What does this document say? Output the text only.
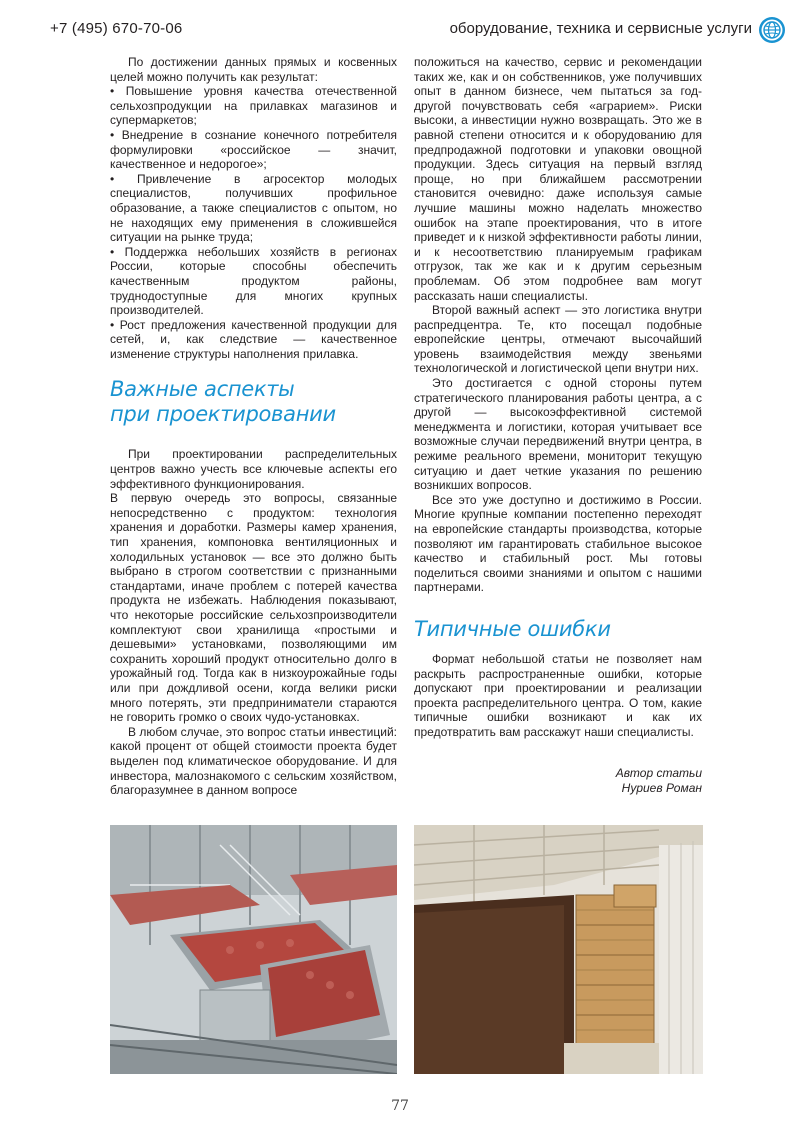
+7 (495) 670-70-06	оборудование, техника и сервисные услуги

По достижении данных прямых и косвенных целей можно получить как результат:

• Повышение уровня качества отечественной сельхозпродукции на прилавках магазинов и супермаркетов;

• Внедрение в сознание конечного потребителя формулировки «российское — значит, качественное и недорогое»;

• Привлечение в агросектор молодых специалистов, получивших профильное образование, а также специалистов с опытом, но не находящих ему применения в сложившейся ситуации на рынке труда;

• Поддержка небольших хозяйств в регионах России, которые способны обеспечить качественным продуктом районы, труднодоступные для многих крупных производителей.

• Рост предложения качественной продукции для сетей, и, как следствие — качественное изменение структуры наполнения прилавка.

Важные аспекты при проектировании

При проектировании распределительных центров важно учесть все ключевые аспекты его эффективного функционирования.

В первую очередь это вопросы, связанные непосредственно с продуктом: технология хранения и доработки. Размеры камер хранения, тип хранения, компоновка вентиляционных и холодильных установок — все это должно быть выбрано в строгом соответствии с признанными стандартами, иначе проблем с потерей качества продукта не избежать. Наблюдения показывают, что некоторые российские сельхозпроизводители комплектуют свои хранилища «простыми и дешевыми» установками, позволяющими им сохранить хороший продукт относительно долго в урожайный год. Тогда как в низкоурожайные годы или при дождливой осени, когда велики риски много потерять, эти предприниматели стараются не говорить громко о своих чудо-установках.

В любом случае, это вопрос статьи инвестиций: какой процент от общей стоимости проекта будет выделен под климатическое оборудование. И для инвестора, малознакомого с сельским хозяйством, благоразумнее в данном вопросе

положиться на качество, сервис и рекомендации таких же, как и он собственников, уже получивших опыт в данном бизнесе, чем пытаться за год-другой почувствовать себя «аграрием». Риски высоки, а инвестиции нужно возвращать. Это же в равной степени относится и к оборудованию для предпродажной подготовки и упаковки овощной продукции. Здесь ситуация на первый взгляд проще, но при ближайшем рассмотрении становится очевидно: даже используя самые лучшие машины можно наделать множество ошибок на этапе проектирования, что в итоге приведет и к низкой эффективности работы линии, и к несоответствию планируемым графикам отгрузок, так же как и к другим серьезным проблемам. Об этом подробнее вам могут рассказать наши специалисты.

Второй важный аспект — это логистика внутри распредцентра. Те, кто посещал подобные европейские центры, отмечают высочайший уровень взаимодействия между звеньями технологической и логистической цепи внутри них.

Это достигается с одной стороны путем стратегического планирования работы центра, а с другой — высокоэффективной системой менеджмента и логистики, которая учитывает все возможные случаи передвижений внутри центра, в режиме реального времени, мониторит текущую ситуацию и дает четкие указания по решению возникших вопросов.

Все это уже доступно и достижимо в России. Многие крупные компании постепенно переходят на европейские стандарты производства, которые позволяют им гарантировать стабильное высокое качество и стабильный рост. Мы готовы поделиться своими знаниями и опытом с нашими партнерами.

Типичные ошибки

Формат небольшой статьи не позволяет нам раскрыть распространенные ошибки, которые допускают при проектировании и реализации проекта распределительного центра. О том, какие типичные ошибки возникают и как их предотвратить вам расскажут наши специалисты.

Автор статьи
Нуриев Роман
77
